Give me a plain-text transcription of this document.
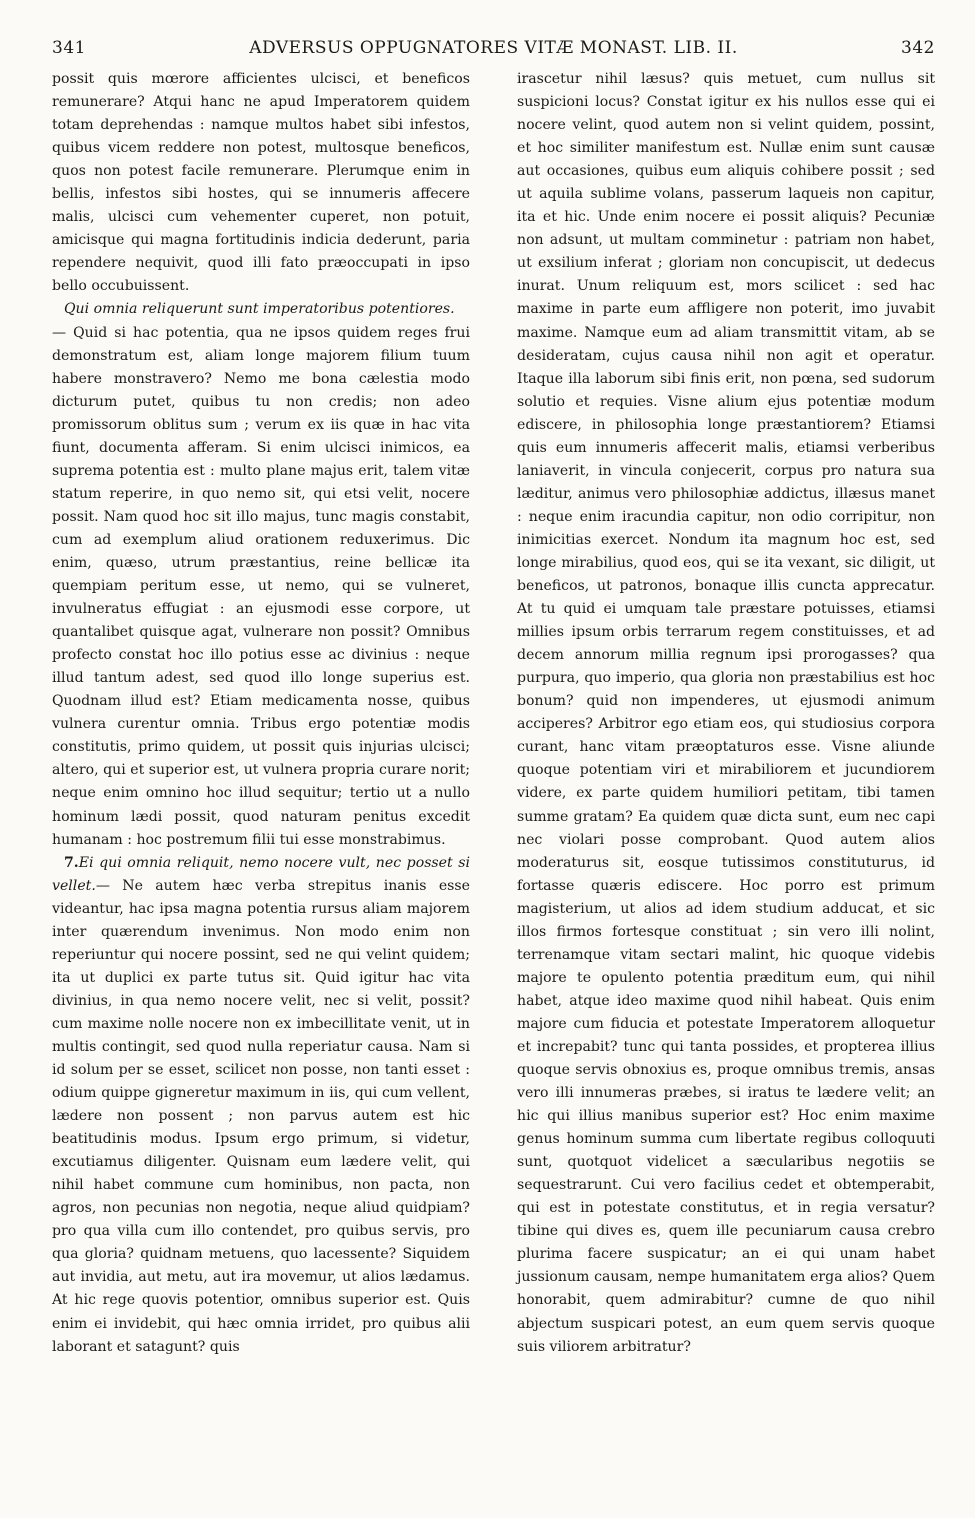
341	ADVERSUS OPPUGNATORES VITÆ MONAST. LIB. II.	342

possit quis mœrore afficientes ulcisci, et beneficos remunerare? Atqui hanc ne apud Imperatorem quidem totam deprehendas : namque multos habet sibi infestos, quibus vicem reddere non potest, multosque beneficos, quos non potest facile remunerare. Plerumque enim in bellis, infestos sibi hostes, qui se innumeris affecere malis, ulcisci cum vehementer cuperet, non potuit, amicisque qui magna fortitudinis indicia dederunt, paria rependere nequivit, quod illi fato præoccupati in ipso bello occubuissent.

Qui omnia reliquerunt sunt imperatoribus potentiores.
— Quid si hac potentia, qua ne ipsos quidem reges frui demonstratum est, aliam longe majorem filium tuum habere monstravero? Nemo me bona cælestia modo dicturum putet, quibus tu non credis; non adeo promissorum oblitus sum ; verum ex iis quæ in hac vita fiunt, documenta afferam. Si enim ulcisci inimicos, ea suprema potentia est : multo plane majus erit, talem vitæ statum reperire, in quo nemo sit, qui etsi velit, nocere possit. Nam quod hoc sit illo majus, tunc magis constabit, cum ad exemplum aliud orationem reduxerimus. Dic enim, quæso, utrum præstantius, reine bellicæ ita quempiam peritum esse, ut nemo, qui se vulneret, invulneratus effugiat : an ejusmodi esse corpore, ut quantalibet quisque agat, vulnerare non possit? Omnibus profecto constat hoc illo potius esse ac divinius : neque illud tantum adest, sed quod illo longe superius est. Quodnam illud est? Etiam medicamenta nosse, quibus vulnera curentur omnia. Tribus ergo potentiæ modis constitutis, primo quidem, ut possit quis injurias ulcisci; altero, qui et superior est, ut vulnera propria curare norit; neque enim omnino hoc illud sequitur; tertio ut a nullo hominum lædi possit, quod naturam penitus excedit humanam : hoc postremum filii tui esse monstrabimus.

7.Ei qui omnia reliquit, nemo nocere vult, nec posset si vellet.— Ne autem hæc verba strepitus inanis esse videantur, hac ipsa magna potentia rursus aliam majorem inter quærendum invenimus. Non modo enim non reperiuntur qui nocere possint, sed ne qui velint quidem; ita ut duplici ex parte tutus sit. Quid igitur hac vita divinius, in qua nemo nocere velit, nec si velit, possit? cum maxime nolle nocere non ex imbecillitate venit, ut in multis contingit, sed quod nulla reperiatur causa. Nam si id solum per se esset, scilicet non posse, non tanti esset : odium quippe gigneretur maximum in iis, qui cum vellent, lædere non possent ; non parvus autem est hic beatitudinis modus. Ipsum ergo primum, si videtur, excutiamus diligenter. Quisnam eum lædere velit, qui nihil habet commune cum hominibus, non pacta, non agros, non pecunias non negotia, neque aliud quidpiam? pro qua villa cum illo contendet, pro quibus servis, pro qua gloria? quidnam metuens, quo lacessente? Siquidem aut invidia, aut metu, aut ira movemur, ut alios lædamus. At hic rege quovis potentior, omnibus superior est. Quis enim ei invidebit, qui hæc omnia irridet, pro quibus alii laborant et satagunt? quis

irascetur nihil læsus? quis metuet, cum nullus sit suspicioni locus? Constat igitur ex his nullos esse qui ei nocere velint, quod autem non si velint quidem, possint, et hoc similiter manifestum est. Nullæ enim sunt causæ aut occasiones, quibus eum aliquis cohibere possit ; sed ut aquila sublime volans, passerum laqueis non capitur, ita et hic. Unde enim nocere ei possit aliquis? Pecuniæ non adsunt, ut multam comminetur : patriam non habet, ut exsilium inferat ; gloriam non concupiscit, ut dedecus inurat. Unum reliquum est, mors scilicet : sed hac maxime in parte eum affligere non poterit, imo juvabit maxime. Namque eum ad aliam transmittit vitam, ab se desideratam, cujus causa nihil non agit et operatur. Itaque illa laborum sibi finis erit, non pœna, sed sudorum solutio et requies. Visne alium ejus potentiæ modum ediscere, in philosophia longe præstantiorem? Etiamsi quis eum innumeris affecerit malis, etiamsi verberibus laniaverit, in vincula conjecerit, corpus pro natura sua læditur, animus vero philosophiæ addictus, illæsus manet : neque enim iracundia capitur, non odio corripitur, non inimicitias exercet. Nondum ita magnum hoc est, sed longe mirabilius, quod eos, qui se ita vexant, sic diligit, ut beneficos, ut patronos, bonaque illis cuncta apprecatur. At tu quid ei umquam tale præstare potuisses, etiamsi millies ipsum orbis terrarum regem constituisses, et ad decem annorum millia regnum ipsi prorogasses? qua purpura, quo imperio, qua gloria non præstabilius est hoc bonum? quid non impenderes, ut ejusmodi animum acciperes? Arbitror ego etiam eos, qui studiosius corpora curant, hanc vitam præoptaturos esse. Visne aliunde quoque potentiam viri et mirabiliorem et jucundiorem videre, ex parte quidem humiliori petitam, tibi tamen summe gratam? Ea quidem quæ dicta sunt, eum nec capi nec violari posse comprobant. Quod autem alios moderaturus sit, eosque tutissimos constituturus, id fortasse quæris ediscere. Hoc porro est primum magisterium, ut alios ad idem studium adducat, et sic illos firmos fortesque constituat ; sin vero illi nolint, terrenamque vitam sectari malint, hic quoque videbis majore te opulento potentia præditum eum, qui nihil habet, atque ideo maxime quod nihil habeat. Quis enim majore cum fiducia et potestate Imperatorem alloquetur et increpabit? tunc qui tanta possides, et propterea illius quoque servis obnoxius es, proque omnibus tremis, ansas vero illi innumeras præbes, si iratus te lædere velit; an hic qui illius manibus superior est? Hoc enim maxime genus hominum summa cum libertate regibus colloquuti sunt, quotquot videlicet a sæcularibus negotiis se sequestrarunt. Cui vero facilius cedet et obtemperabit, qui est in potestate constitutus, et in regia versatur? tibine qui dives es, quem ille pecuniarum causa crebro plurima facere suspicatur; an ei qui unam habet jussionum causam, nempe humanitatem erga alios? Quem honorabit, quem admirabitur? cumne de quo nihil abjectum suspicari potest, an eum quem servis quoque suis viliorem arbitratur?
